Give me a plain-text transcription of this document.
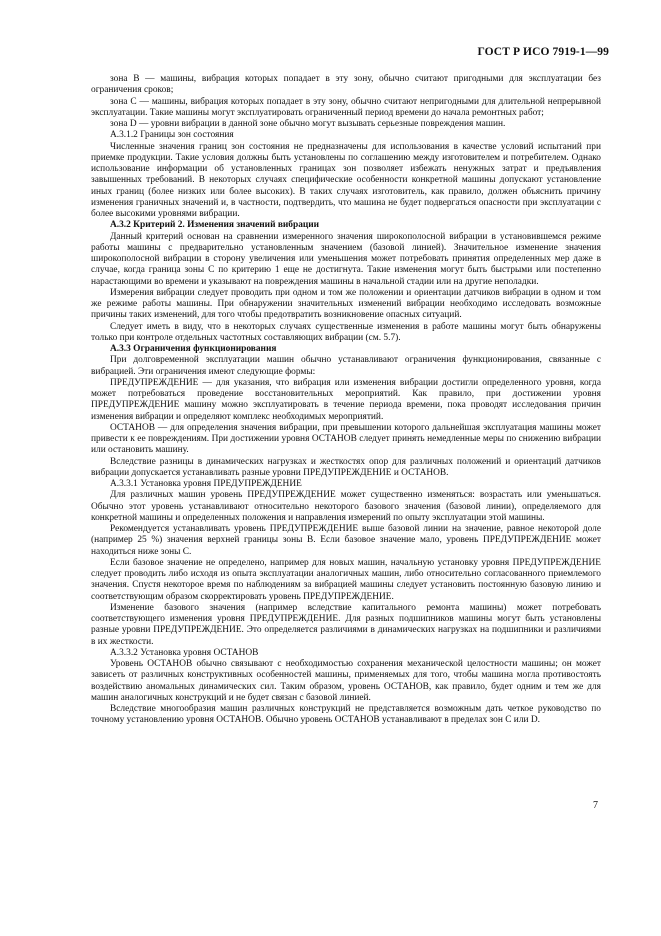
ГОСТ Р ИСО 7919-1—99

зона В — машины, вибрация которых попадает в эту зону, обычно считают пригодными для эксплуатации без ограничения сроков;

зона С — машины, вибрация которых попадает в эту зону, обычно считают непригодными для длительной непрерывной эксплуатации. Такие машины могут эксплуатировать ограниченный период времени до начала ремонтных работ;

зона D — уровни вибрации в данной зоне обычно могут вызывать серьезные повреждения машин.

А.3.1.2 Границы зон состояния

Численные значения границ зон состояния не предназначены для использования в качестве условий испытаний при приемке продукции. Такие условия должны быть установлены по соглашению между изготовителем и потребителем. Однако использование информации об установленных границах зон позволяет избежать ненужных затрат и предъявления завышенных требований. В некоторых случаях специфические особенности конкретной машины допускают установление иных границ (более низких или более высоких). В таких случаях изготовитель, как правило, должен объяснить причину изменения граничных значений и, в частности, подтвердить, что машина не будет подвергаться опасности при эксплуатации с более высокими уровнями вибрации.

А.3.2 Критерий 2. Изменения значений вибрации

Данный критерий основан на сравнении измеренного значения широкополосной вибрации в установившемся режиме работы машины с предварительно установленным значением (базовой линией). Значительное изменение значения широкополосной вибрации в сторону увеличения или уменьшения может потребовать принятия определенных мер даже в случае, когда граница зоны С по критерию 1 еще не достигнута. Такие изменения могут быть быстрыми или постепенно нарастающими во времени и указывают на повреждения машины в начальной стадии или на другие неполадки.

Измерения вибрации следует проводить при одном и том же положении и ориентации датчиков вибрации в одном и том же режиме работы машины. При обнаружении значительных изменений вибрации необходимо исследовать возможные причины таких изменений, для того чтобы предотвратить возникновение опасных ситуаций.

Следует иметь в виду, что в некоторых случаях существенные изменения в работе машины могут быть обнаружены только при контроле отдельных частотных составляющих вибрации (см. 5.7).

А.3.3 Ограничения функционирования

При долговременной эксплуатации машин обычно устанавливают ограничения функционирования, связанные с вибрацией. Эти ограничения имеют следующие формы:

ПРЕДУПРЕЖДЕНИЕ — для указания, что вибрация или изменения вибрации достигли определенного уровня, когда может потребоваться проведение восстановительных мероприятий. Как правило, при достижении уровня ПРЕДУПРЕЖДЕНИЕ машину можно эксплуатировать в течение периода времени, пока проводят исследования причин изменения вибрации и определяют комплекс необходимых мероприятий.

ОСТАНОВ — для определения значения вибрации, при превышении которого дальнейшая эксплуатация машины может привести к ее повреждениям. При достижении уровня ОСТАНОВ следует принять немедленные меры по снижению вибрации или остановить машину.

Вследствие разницы в динамических нагрузках и жесткостях опор для различных положений и ориентаций датчиков вибрации допускается устанавливать разные уровни ПРЕДУПРЕЖДЕНИЕ и ОСТАНОВ.

А.3.3.1 Установка уровня ПРЕДУПРЕЖДЕНИЕ

Для различных машин уровень ПРЕДУПРЕЖДЕНИЕ может существенно изменяться: возрастать или уменьшаться. Обычно этот уровень устанавливают относительно некоторого базового значения (базовой линии), определяемого для конкретной машины и определенных положения и направления измерений по опыту эксплуатации этой машины.

Рекомендуется устанавливать уровень ПРЕДУПРЕЖДЕНИЕ выше базовой линии на значение, равное некоторой доле (например 25 %) значения верхней границы зоны В. Если базовое значение мало, уровень ПРЕДУПРЕЖДЕНИЕ может находиться ниже зоны С.

Если базовое значение не определено, например для новых машин, начальную установку уровня ПРЕДУПРЕЖДЕНИЕ следует проводить либо исходя из опыта эксплуатации аналогичных машин, либо относительно согласованного приемлемого значения. Спустя некоторое время по наблюдениям за вибрацией машины следует установить постоянную базовую линию и соответствующим образом скорректировать уровень ПРЕДУПРЕЖДЕНИЕ.

Изменение базового значения (например вследствие капитального ремонта машины) может потребовать соответствующего изменения уровня ПРЕДУПРЕЖДЕНИЕ. Для разных подшипников машины могут быть установлены разные уровни ПРЕДУПРЕЖДЕНИЕ. Это определяется различиями в динамических нагрузках на подшипники и различиями в их жесткости.

А.3.3.2 Установка уровня ОСТАНОВ

Уровень ОСТАНОВ обычно связывают с необходимостью сохранения механической целостности машины; он может зависеть от различных конструктивных особенностей машины, применяемых для того, чтобы машина могла противостоять воздействию аномальных динамических сил. Таким образом, уровень ОСТАНОВ, как правило, будет одним и тем же для машин аналогичных конструкций и не будет связан с базовой линией.

Вследствие многообразия машин различных конструкций не представляется возможным дать четкое руководство по точному установлению уровня ОСТАНОВ. Обычно уровень ОСТАНОВ устанавливают в пределах зон С или D.

7
